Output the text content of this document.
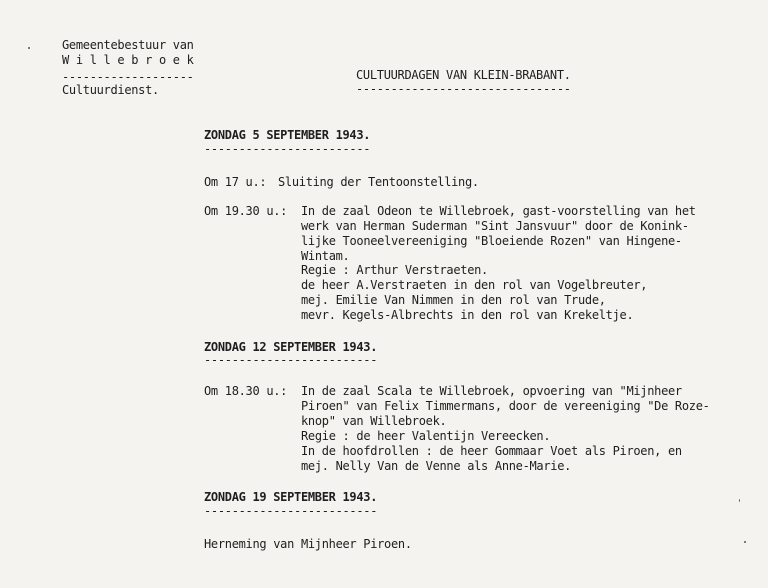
Gemeentebestuur van
W i l l e b r o e k
-------------------
Cultuurdienst.
CULTUURDAGEN VAN KLEIN-BRABANT.
-------------------------------
ZONDAG 5 SEPTEMBER 1943.
------------------------
Om 17 u.: Sluiting der Tentoonstelling.
Om 19.30 u.: In de zaal Odeon te Willebroek, gast-voorstelling van het
werk van Herman Suderman "Sint Jansvuur" door de Konink-
lijke Tooneelvereeniging "Bloeiende Rozen" van Hingene-
Wintam.
Regie : Arthur Verstraeten.
de heer A.Verstraeten in den rol van Vogelbreuter,
mej. Emilie Van Nimmen in den rol van Trude,
mevr. Kegels-Albrechts in den rol van Krekeltje.
ZONDAG 12 SEPTEMBER 1943.
-------------------------
Om 18.30 u.: In de zaal Scala te Willebroek, opvoering van "Mijnheer
Piroen" van Felix Timmermans, door de vereeniging "De Roze-
knop" van Willebroek.
Regie : de heer Valentijn Vereecken.
In de hoofdrollen : de heer Gommaar Voet als Piroen, en
mej. Nelly Van de Venne als Anne-Marie.
ZONDAG 19 SEPTEMBER 1943.
-------------------------
Herneming van Mijnheer Piroen.
